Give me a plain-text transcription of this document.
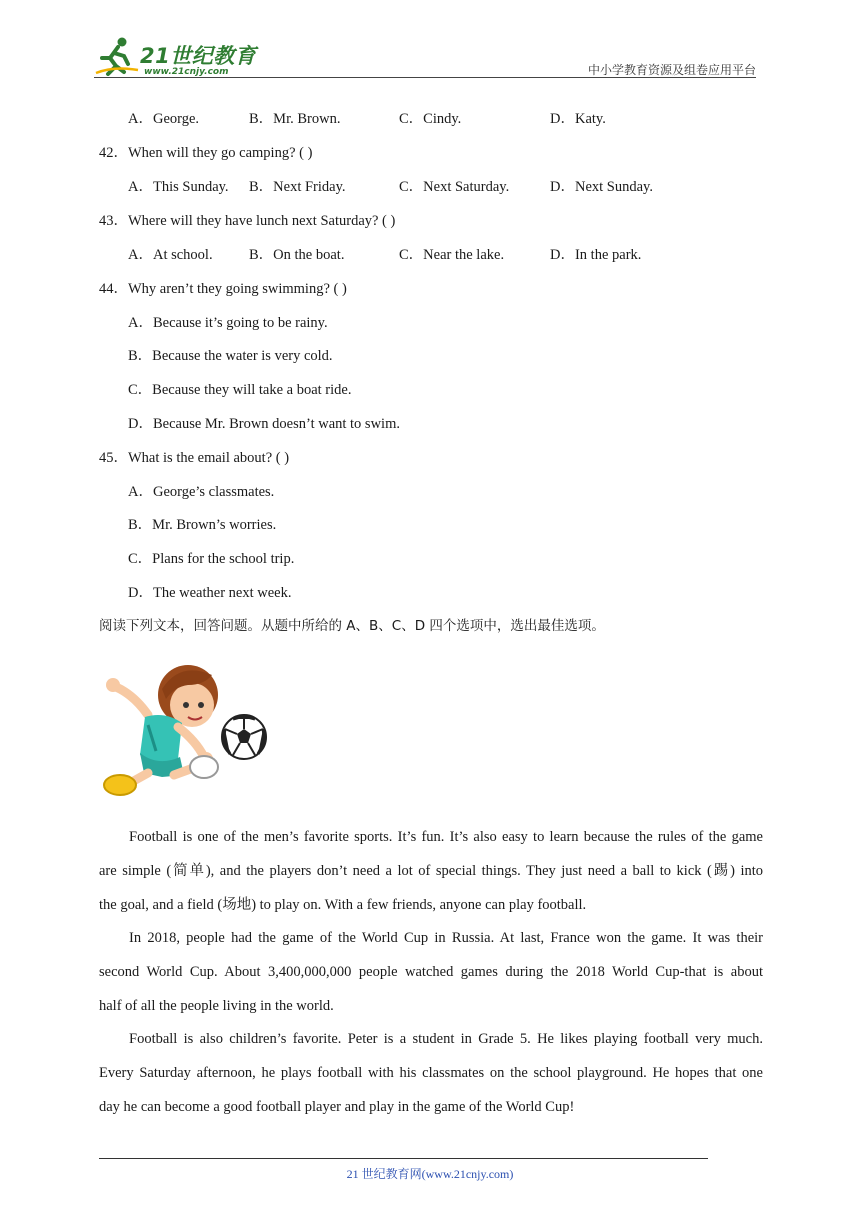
21世纪教育
www.21cnjy.com	中小学教育资源及组卷应用平台
A．George.	B．Mr. Brown.	C．Cindy.	D．Katy.
42．When will they go camping? ( )
A．This Sunday. B．Next Friday.	C．Next Saturday.	D．Next Sunday.
43．Where will they have lunch next Saturday? ( )
A．At school.	B．On the boat.	C．Near the lake.	D．In the park.
44．Why aren’t they going swimming? ( )
A．Because it’s going to be rainy.
B．Because the water is very cold.
C．Because they will take a boat ride.
D．Because Mr. Brown doesn’t want to swim.
45．What is the email about? ( )
A．George’s classmates.
B．Mr. Brown’s worries.
C．Plans for the school trip.
D．The weather next week.
阅读下列文本，回答问题。从题中所给的 A、B、C、D 四个选项中，选出最佳选项。
Football is one of the men’s favorite sports. It’s fun. It’s also easy to learn because the rules of the game
are simple (简单), and the players don’t need a lot of special things. They just need a ball to kick (踢) into
the goal, and a field (场地) to play on. With a few friends, anyone can play football.
In 2018, people had the game of the World Cup in Russia. At last, France won the game. It was their
second World Cup. About 3,400,000,000 people watched games during the 2018 World Cup-that is about
half of all the people living in the world.
Football is also children’s favorite. Peter is a student in Grade 5. He likes playing football very much.
Every Saturday afternoon, he plays football with his classmates on the school playground. He hopes that one
day he can become a good football player and play in the game of the World Cup!
21 世纪教育网(www.21cnjy.com)
